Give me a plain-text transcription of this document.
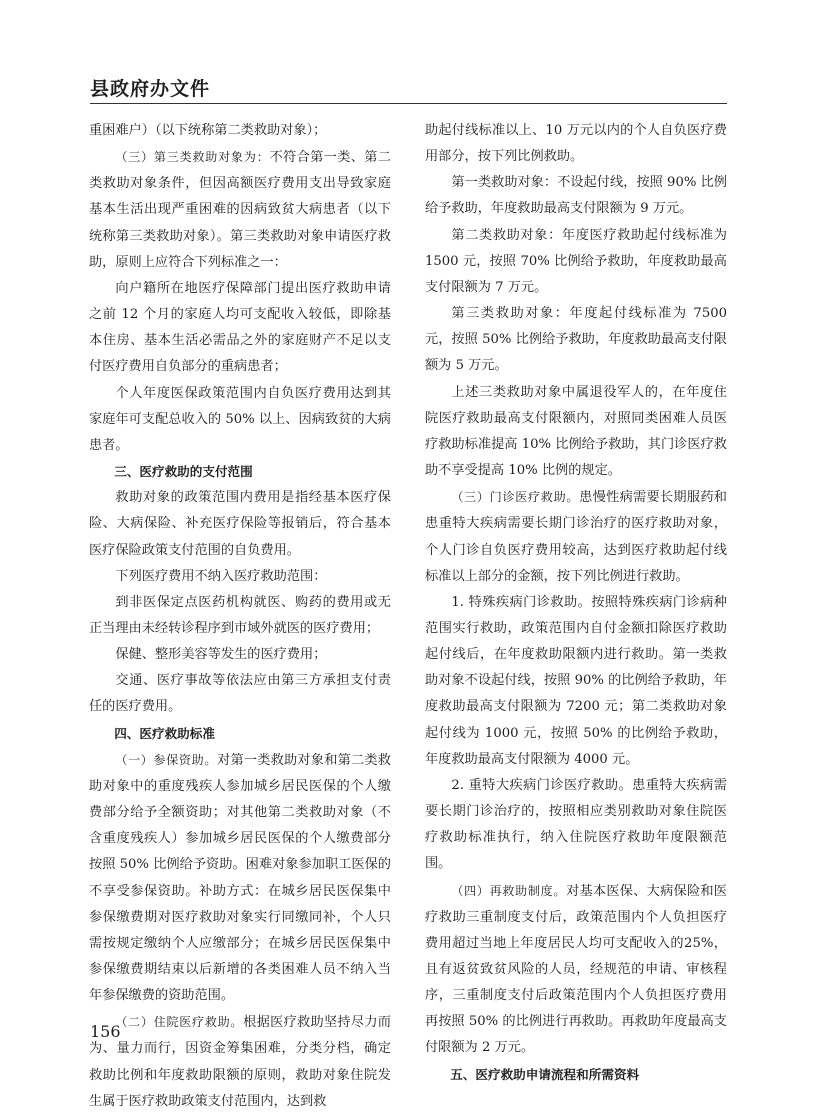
县政府办文件

重困难户）（以下统称第二类救助对象）；

（三）第三类救助对象为：不符合第一类、第二类救助对象条件，但因高额医疗费用支出导致家庭基本生活出现严重困难的因病致贫大病患者（以下统称第三类救助对象）。第三类救助对象申请医疗救助，原则上应符合下列标准之一：

向户籍所在地医疗保障部门提出医疗救助申请之前 12 个月的家庭人均可支配收入较低，即除基本住房、基本生活必需品之外的家庭财产不足以支付医疗费用自负部分的重病患者；

个人年度医保政策范围内自负医疗费用达到其家庭年可支配总收入的 50% 以上、因病致贫的大病患者。

三、医疗救助的支付范围

救助对象的政策范围内费用是指经基本医疗保险、大病保险、补充医疗保险等报销后，符合基本医疗保险政策支付范围的自负费用。

下列医疗费用不纳入医疗救助范围：

到非医保定点医药机构就医、购药的费用或无正当理由未经转诊程序到市域外就医的医疗费用；

保健、整形美容等发生的医疗费用；

交通、医疗事故等依法应由第三方承担支付责任的医疗费用。

四、医疗救助标准

（一）参保资助。对第一类救助对象和第二类救助对象中的重度残疾人参加城乡居民医保的个人缴费部分给予全额资助；对其他第二类救助对象（不含重度残疾人）参加城乡居民医保的个人缴费部分按照 50% 比例给予资助。困难对象参加职工医保的不享受参保资助。补助方式：在城乡居民医保集中参保缴费期对医疗救助对象实行同缴同补，个人只需按规定缴纳个人应缴部分；在城乡居民医保集中参保缴费期结束以后新增的各类困难人员不纳入当年参保缴费的资助范围。

（二）住院医疗救助。根据医疗救助坚持尽力而为、量力而行，因资金筹集困难，分类分档，确定救助比例和年度救助限额的原则，救助对象住院发生属于医疗救助政策支付范围内，达到救

助起付线标准以上、10 万元以内的个人自负医疗费用部分，按下列比例救助。

第一类救助对象：不设起付线，按照 90% 比例给予救助，年度救助最高支付限额为 9 万元。

第二类救助对象：年度医疗救助起付线标准为 1500 元，按照 70% 比例给予救助，年度救助最高支付限额为 7 万元。

第三类救助对象：年度起付线标准为 7500 元，按照 50% 比例给予救助，年度救助最高支付限额为 5 万元。

上述三类救助对象中属退役军人的，在年度住院医疗救助最高支付限额内，对照同类困难人员医疗救助标准提高 10% 比例给予救助，其门诊医疗救助不享受提高 10% 比例的规定。

（三）门诊医疗救助。患慢性病需要长期服药和患重特大疾病需要长期门诊治疗的医疗救助对象，个人门诊自负医疗费用较高，达到医疗救助起付线标准以上部分的金额，按下列比例进行救助。

1. 特殊疾病门诊救助。按照特殊疾病门诊病种范围实行救助，政策范围内自付金额扣除医疗救助起付线后，在年度救助限额内进行救助。第一类救助对象不设起付线，按照 90% 的比例给予救助，年度救助最高支付限额为 7200 元；第二类救助对象起付线为 1000 元，按照 50% 的比例给予救助，年度救助最高支付限额为 4000 元。

2. 重特大疾病门诊医疗救助。患重特大疾病需要长期门诊治疗的，按照相应类别救助对象住院医疗救助标准执行，纳入住院医疗救助年度限额范围。

（四）再救助制度。对基本医保、大病保险和医疗救助三重制度支付后，政策范围内个人负担医疗费用超过当地上年度居民人均可支配收入的25%，且有返贫致贫风险的人员，经规范的申请、审核程序，三重制度支付后政策范围内个人负担医疗费用再按照 50% 的比例进行再救助。再救助年度最高支付限额为 2 万元。

五、医疗救助申请流程和所需资料

156
